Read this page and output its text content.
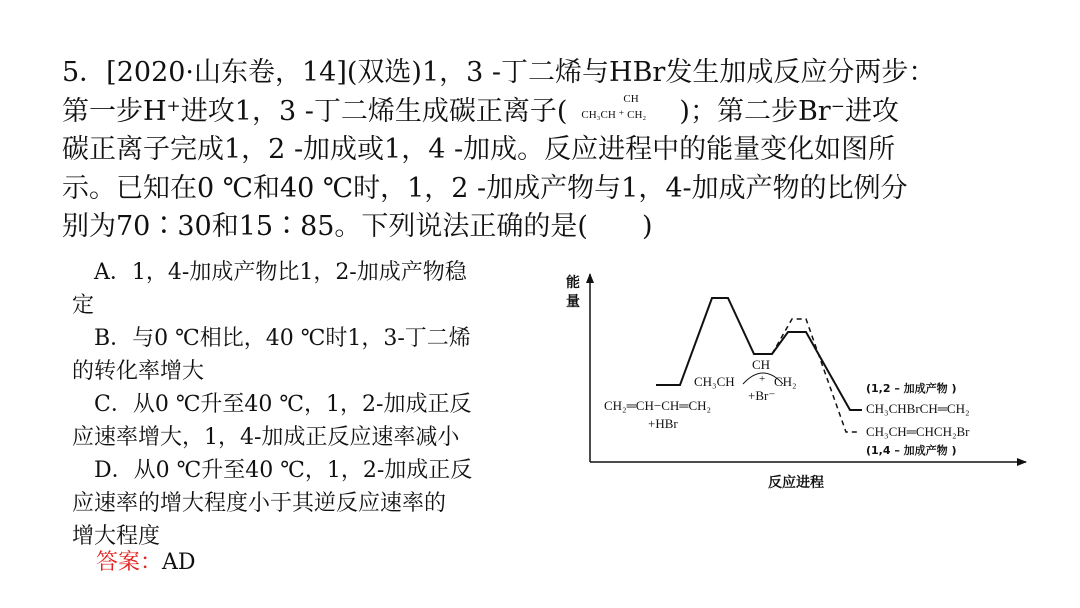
5．[2020·山东卷，14](双选)1，3 -丁二烯与HBr发生加成反应分两步：
第一步H⁺进攻1，3 -丁二烯生成碳正离子(	CH
CH₃CH ⁺ CH₂ )；第二步Br⁻进攻
碳正离子完成1，2 -加成或1，4 -加成。反应进程中的能量变化如图所
示。已知在0 ℃和40 ℃时，1，2 -加成产物与1，4-加成产物的比例分
别为70∶30和15∶85。下列说法正确的是(　　)
A．1，4-加成产物比1，2-加成产物稳
定
B．与0 ℃相比，40 ℃时1，3-丁二烯
的转化率增大
C．从0 ℃升至40 ℃，1，2-加成正反
应速率增大，1，4-加成正反应速率减小
D．从0 ℃升至40 ℃，1，2-加成正反
应速率的增大程度小于其逆反应速率的
增大程度
答案：AD
能
量
反应进程
CH₂═CH−CH═CH₂
+HBr
CH₃CH
CH
+ CH₂
+Br⁻	(1,2 – 加成产物 )
CH₃CHBrCH═CH₂
CH₃CH═CHCH₂Br
(1,4 – 加成产物 )
